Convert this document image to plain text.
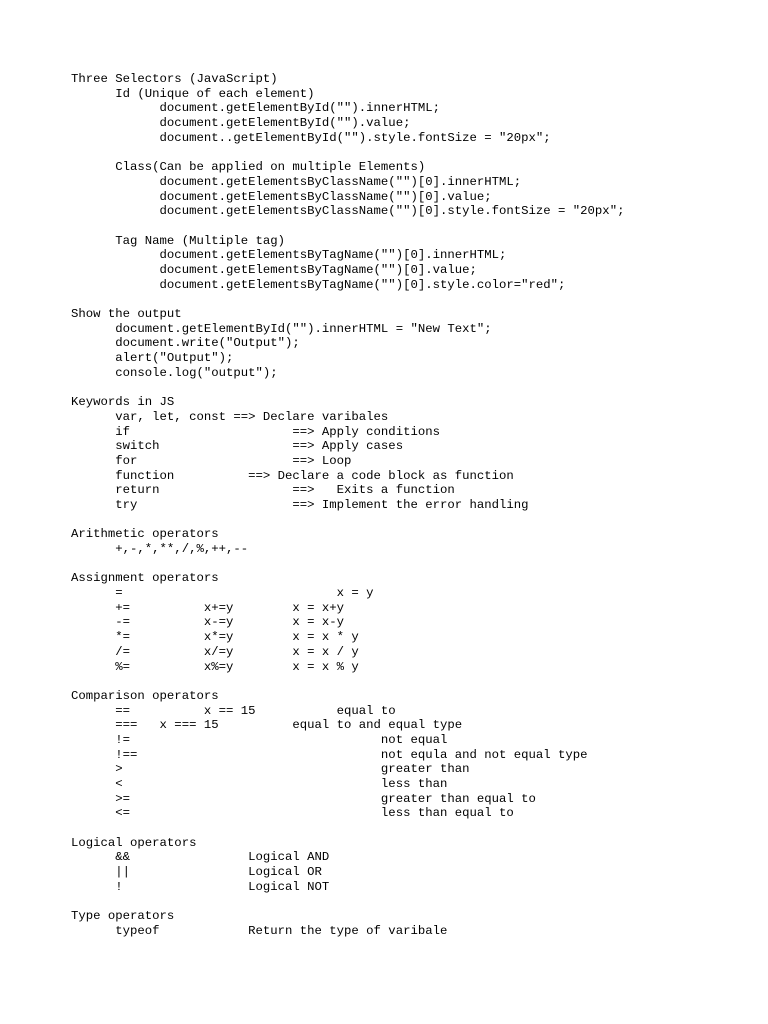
Three Selectors (JavaScript)
Id (Unique of each element)
document.getElementById("").innerHTML;
document.getElementById("").value;
document..getElementById("").style.fontSize = "20px";
Class(Can be applied on multiple Elements)
document.getElementsByClassName("")[0].innerHTML;
document.getElementsByClassName("")[0].value;
document.getElementsByClassName("")[0].style.fontSize = "20px";
Tag Name (Multiple tag)
document.getElementsByTagName("")[0].innerHTML;
document.getElementsByTagName("")[0].value;
document.getElementsByTagName("")[0].style.color="red";
Show the output
document.getElementById("").innerHTML = "New Text";
document.write("Output");
alert("Output");
console.log("output");
Keywords in JS
var, let, const ==> Declare varibales
if                      ==> Apply conditions
switch                  ==> Apply cases
for                     ==> Loop
function          ==> Declare a code block as function
return                  ==>   Exits a function
try                     ==> Implement the error handling
Arithmetic operators
+,-,*,**,/,%,++,--
Assignment operators
=                             x = y
+=          x+=y        x = x+y
-=          x-=y        x = x-y
*=          x*=y        x = x * y
/=          x/=y        x = x / y
%=          x%=y        x = x % y
Comparison operators
==          x == 15           equal to
===   x === 15          equal to and equal type
!=                                  not equal
!==                                 not equla and not equal type
>                                   greater than
<                                   less than
>=                                  greater than equal to
<=                                  less than equal to
Logical operators
&&                Logical AND
||                Logical OR
!                 Logical NOT
Type operators
typeof            Return the type of varibale
